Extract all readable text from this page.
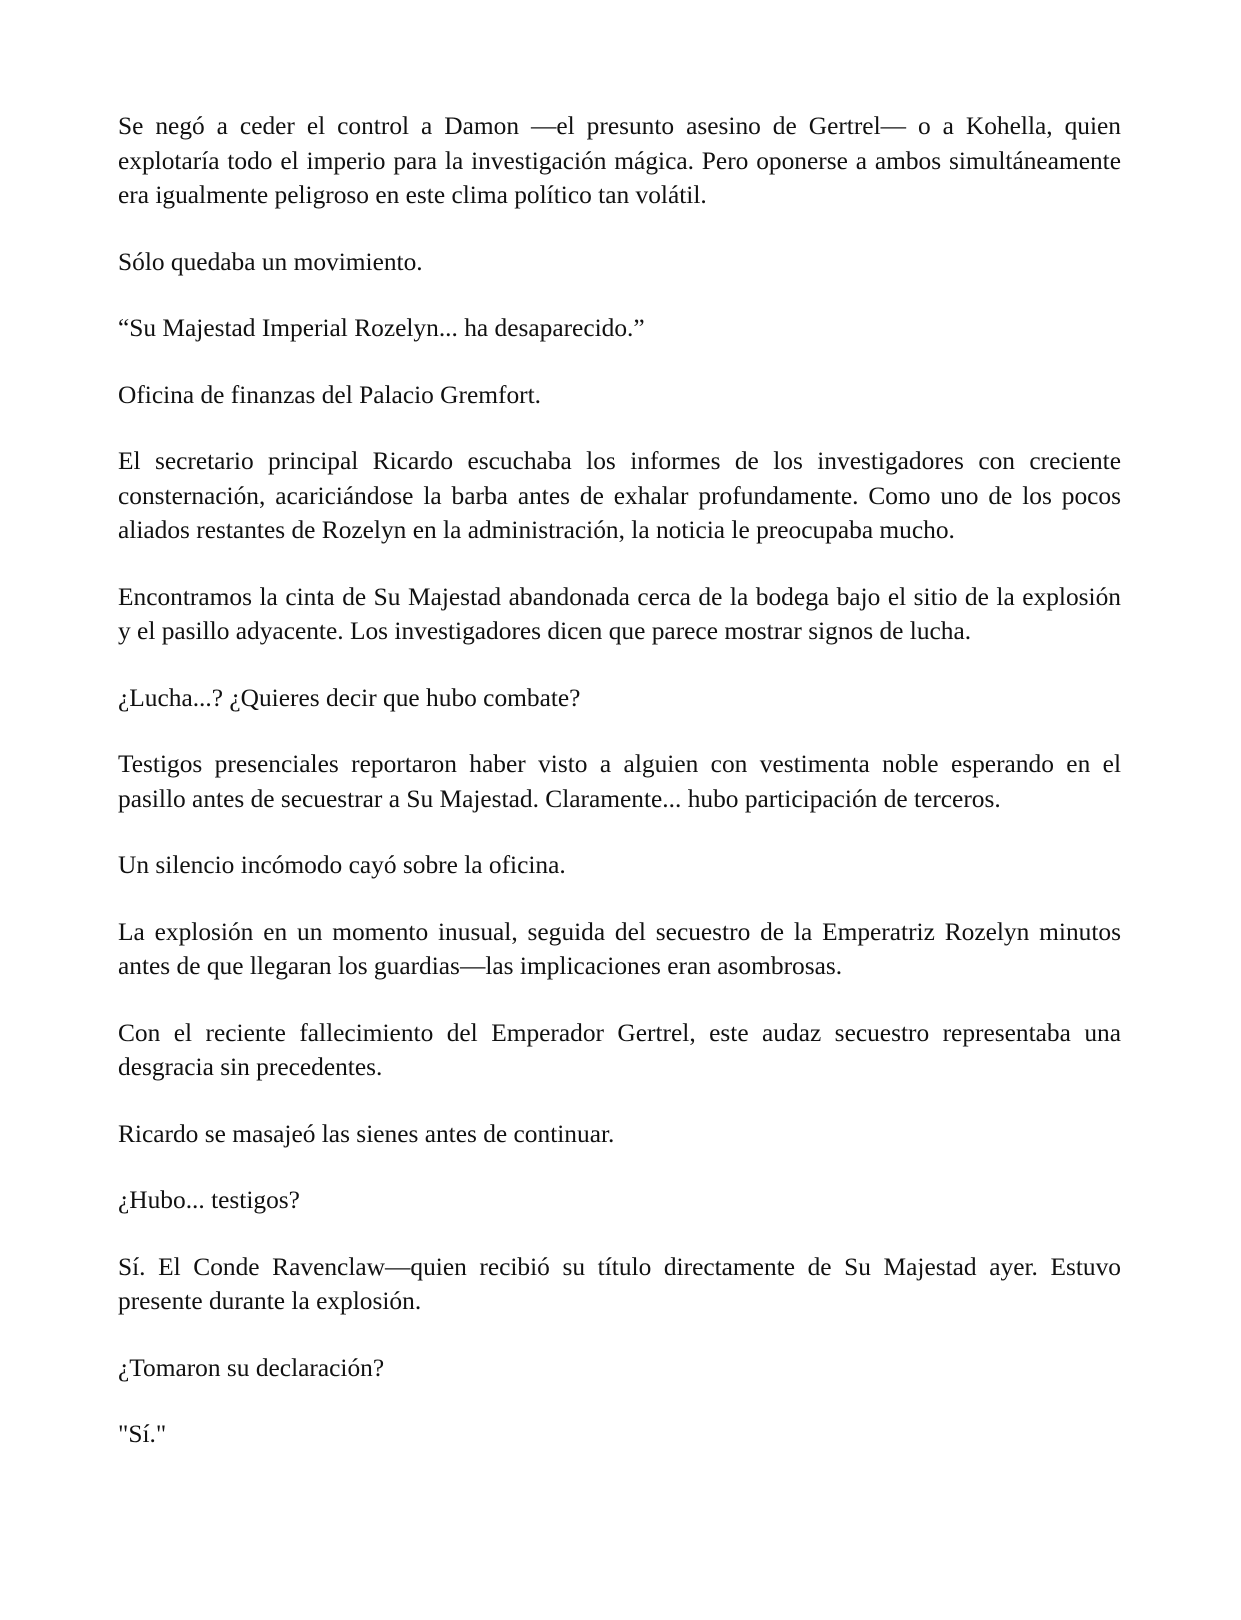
Se negó a ceder el control a Damon —el presunto asesino de Gertrel— o a Kohella, quien explotaría todo el imperio para la investigación mágica. Pero oponerse a ambos simultáneamente era igualmente peligroso en este clima político tan volátil.

Sólo quedaba un movimiento.

“Su Majestad Imperial Rozelyn... ha desaparecido.”

Oficina de finanzas del Palacio Gremfort.

El secretario principal Ricardo escuchaba los informes de los investigadores con creciente consternación, acariciándose la barba antes de exhalar profundamente. Como uno de los pocos aliados restantes de Rozelyn en la administración, la noticia le preocupaba mucho.

Encontramos la cinta de Su Majestad abandonada cerca de la bodega bajo el sitio de la explosión y el pasillo adyacente. Los investigadores dicen que parece mostrar signos de lucha.

¿Lucha...? ¿Quieres decir que hubo combate?

Testigos presenciales reportaron haber visto a alguien con vestimenta noble esperando en el pasillo antes de secuestrar a Su Majestad. Claramente... hubo participación de terceros.

Un silencio incómodo cayó sobre la oficina.

La explosión en un momento inusual, seguida del secuestro de la Emperatriz Rozelyn minutos antes de que llegaran los guardias—las implicaciones eran asombrosas.

Con el reciente fallecimiento del Emperador Gertrel, este audaz secuestro representaba una desgracia sin precedentes.

Ricardo se masajeó las sienes antes de continuar.

¿Hubo... testigos?

Sí. El Conde Ravenclaw—quien recibió su título directamente de Su Majestad ayer. Estuvo presente durante la explosión.

¿Tomaron su declaración?

"Sí."
